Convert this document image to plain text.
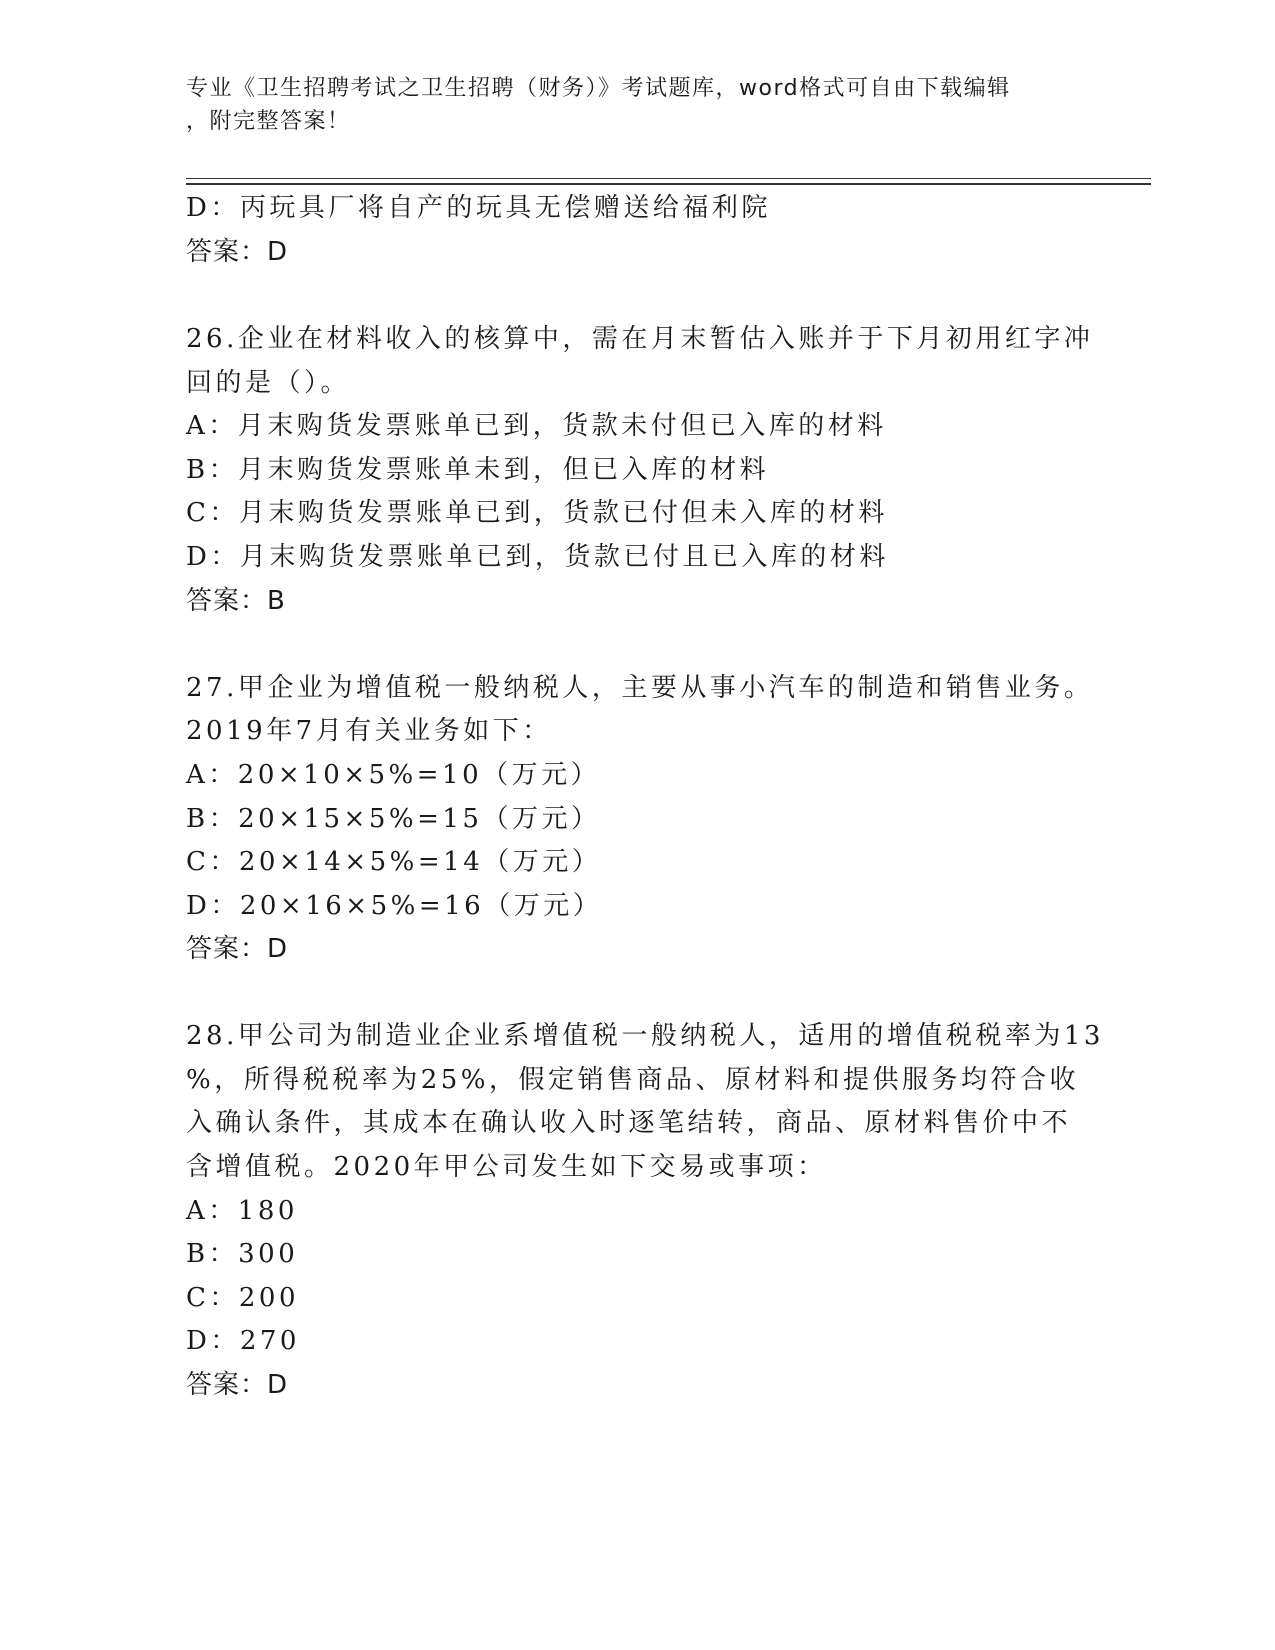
专业《卫生招聘考试之卫生招聘（财务）》考试题库，word格式可自由下载编辑
，附完整答案！
D：丙玩具厂将自产的玩具无偿赠送给福利院
答案：D
26.企业在材料收入的核算中，需在月末暂估入账并于下月初用红字冲
回的是（）。
A：月末购货发票账单已到，货款未付但已入库的材料
B：月末购货发票账单未到，但已入库的材料
C：月末购货发票账单已到，货款已付但未入库的材料
D：月末购货发票账单已到，货款已付且已入库的材料
答案：B
27.甲企业为增值税一般纳税人，主要从事小汽车的制造和销售业务。
2019年7月有关业务如下：
A：20×10×5%=10（万元）
B：20×15×5%=15（万元）
C：20×14×5%=14（万元）
D：20×16×5%=16（万元）
答案：D
28.甲公司为制造业企业系增值税一般纳税人，适用的增值税税率为13
%，所得税税率为25%，假定销售商品、原材料和提供服务均符合收
入确认条件，其成本在确认收入时逐笔结转，商品、原材料售价中不
含增值税。2020年甲公司发生如下交易或事项：
A：180
B：300
C：200
D：270
答案：D
